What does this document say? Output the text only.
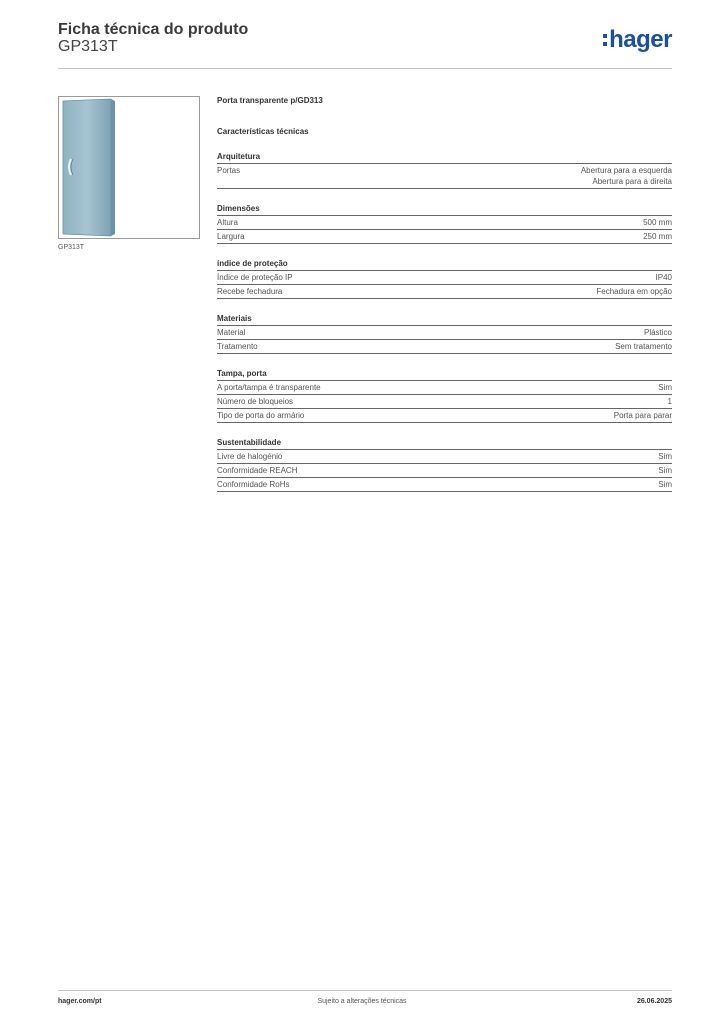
Ficha técnica do produto
GP313T	hager
GP313T
Porta transparente p/GD313
Características técnicas
Arquitetura
Portas	Abertura para a esquerda
Abertura para a direita
Dimensões
Altura	500 mm
Largura	250 mm
índice de proteção
Índice de proteção IP	IP40
Recebe fechadura	Fechadura em opção
Materiais
Material	Plástico
Tratamento	Sem tratamento
Tampa, porta
A porta/tampa é transparente	Sim
Número de bloqueios	1
Tipo de porta do armário	Porta para parar
Sustentabilidade
Livre de halogénio	Sim
Conformidade REACH	Sim
Conformidade RoHs	Sim
hager.com/pt	Sujeito a alterações técnicas	26.06.2025
